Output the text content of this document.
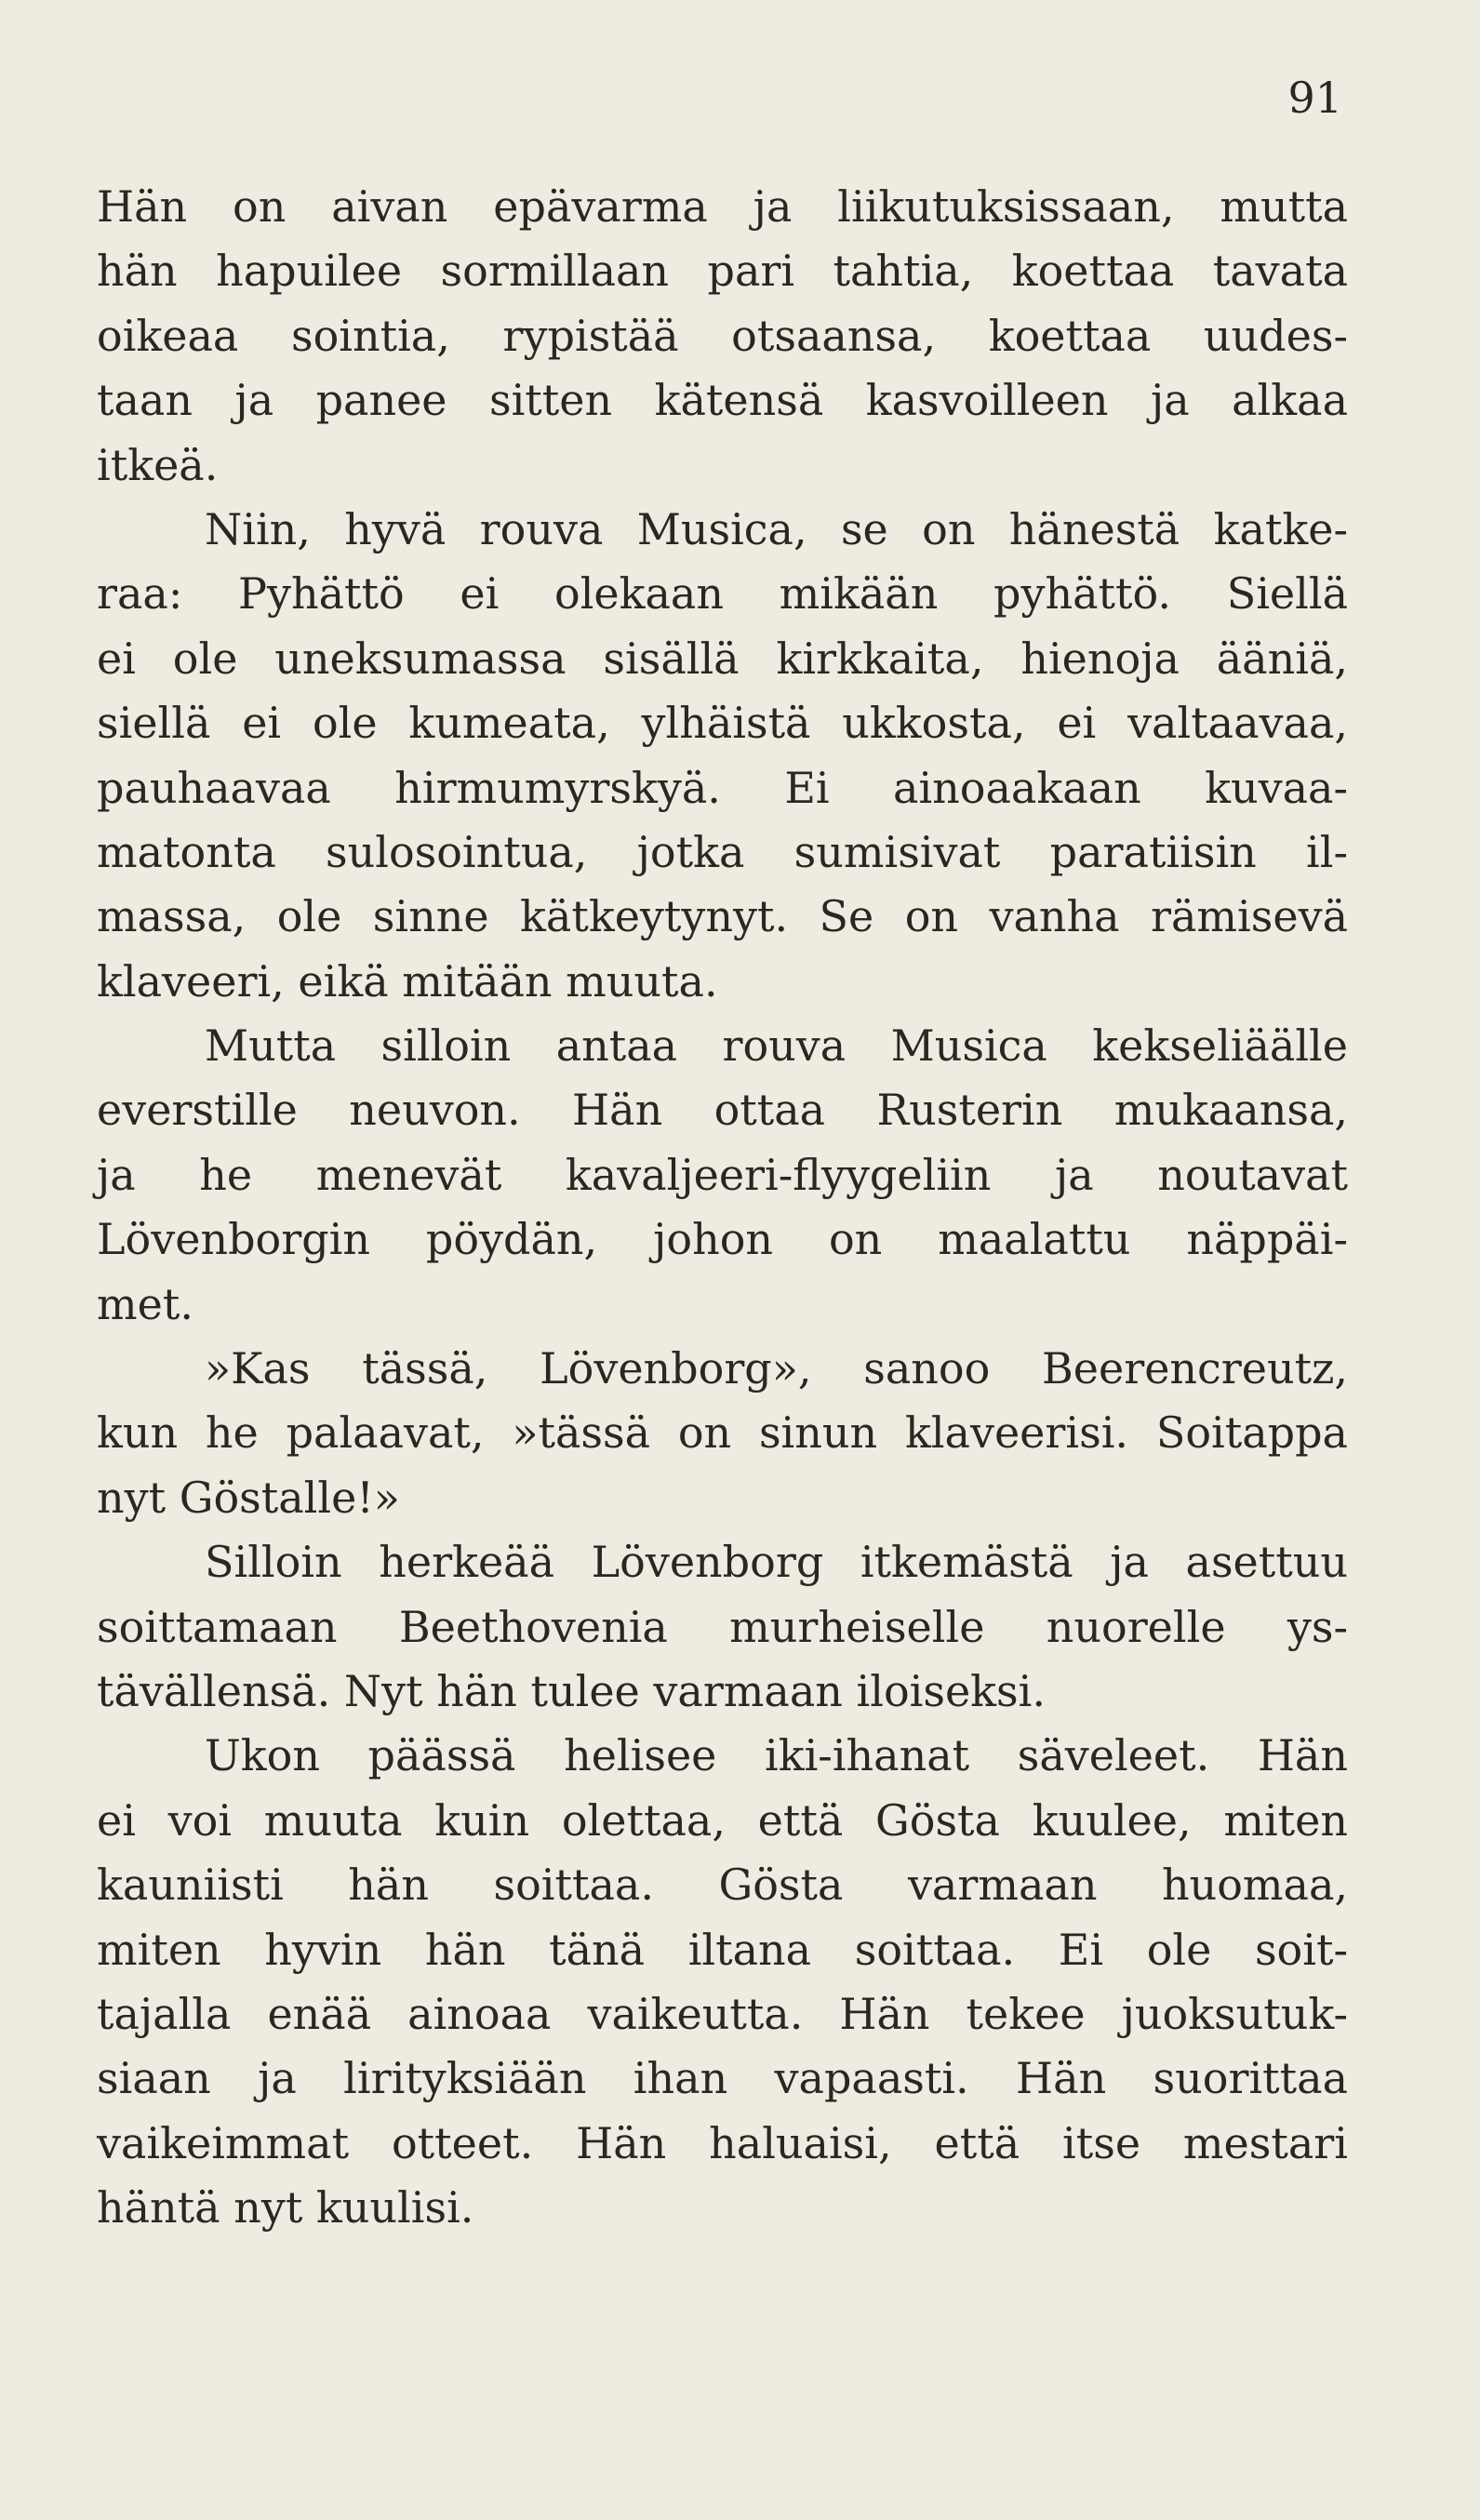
91
Hän on aivan epävarma ja liikutuksissaan, mutta
hän hapuilee sormillaan pari tahtia, koettaa tavata
oikeaa sointia, rypistää otsaansa, koettaa uudes-
taan ja panee sitten kätensä kasvoilleen ja alkaa
itkeä.
Niin, hyvä rouva Musica, se on hänestä katke-
raa: Pyhättö ei olekaan mikään pyhättö. Siellä
ei ole uneksumassa sisällä kirkkaita, hienoja ääniä,
siellä ei ole kumeata, ylhäistä ukkosta, ei valtaavaa,
pauhaavaa hirmumyrskyä. Ei ainoaakaan kuvaa-
matonta sulosointua, jotka sumisivat paratiisin il-
massa, ole sinne kätkeytynyt. Se on vanha rämisevä
klaveeri, eikä mitään muuta.
Mutta silloin antaa rouva Musica kekseliäälle
everstille neuvon. Hän ottaa Rusterin mukaansa,
ja he menevät kavaljeeri-flyygeliin ja noutavat
Lövenborgin pöydän, johon on maalattu näppäi-
met.
»Kas tässä, Lövenborg», sanoo Beerencreutz,
kun he palaavat, »tässä on sinun klaveerisi. Soitappa
nyt Göstalle!»
Silloin herkeää Lövenborg itkemästä ja asettuu
soittamaan Beethovenia murheiselle nuorelle ys-
tävällensä. Nyt hän tulee varmaan iloiseksi.
Ukon päässä helisee iki-ihanat säveleet. Hän
ei voi muuta kuin olettaa, että Gösta kuulee, miten
kauniisti hän soittaa. Gösta varmaan huomaa,
miten hyvin hän tänä iltana soittaa. Ei ole soit-
tajalla enää ainoaa vaikeutta. Hän tekee juoksutuk-
siaan ja lirityksiään ihan vapaasti. Hän suorittaa
vaikeimmat otteet. Hän haluaisi, että itse mestari
häntä nyt kuulisi.
